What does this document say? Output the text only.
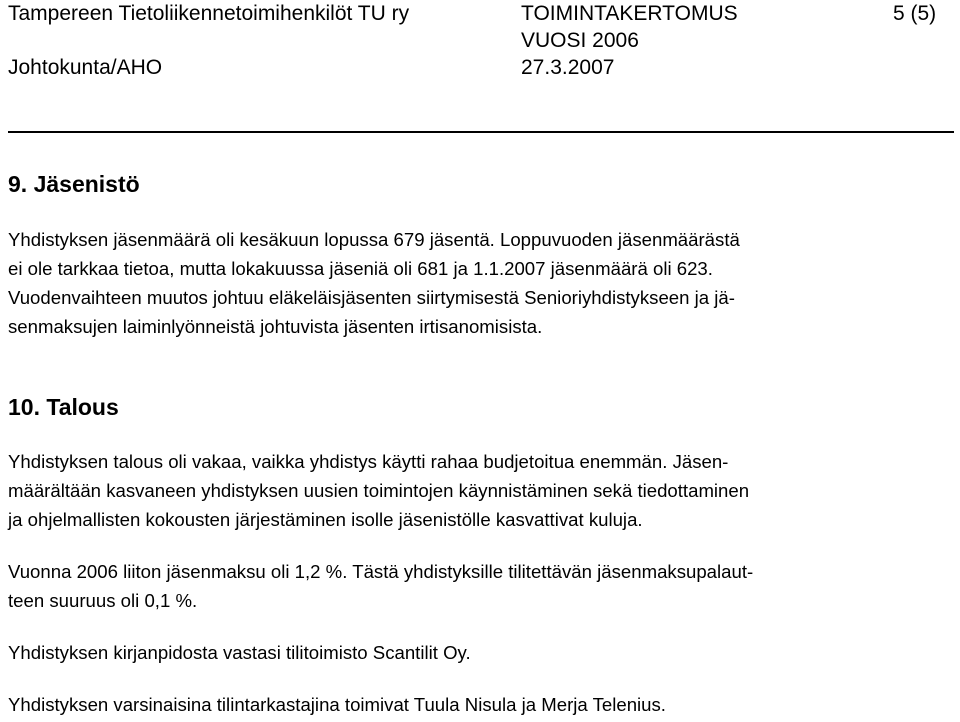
Tampereen Tietoliikennetoimihenkilöt TU ry	TOIMINTAKERTOMUS
VUOSI 2006
5 (5)
Johtokunta/AHO	27.3.2007
9. Jäsenistö
Yhdistyksen jäsenmäärä oli kesäkuun lopussa 679 jäsentä. Loppuvuoden jäsenmäärästä
ei ole tarkkaa tietoa, mutta lokakuussa jäseniä oli 681 ja 1.1.2007 jäsenmäärä oli 623.
Vuodenvaihteen muutos johtuu eläkeläisjäsenten siirtymisestä Senioriyhdistykseen ja jä-
senmaksujen laiminlyönneistä johtuvista jäsenten irtisanomisista.
10. Talous
Yhdistyksen talous oli vakaa, vaikka yhdistys käytti rahaa budjetoitua enemmän. Jäsen-
määrältään kasvaneen yhdistyksen uusien toimintojen käynnistäminen sekä tiedottaminen
ja ohjelmallisten kokousten järjestäminen isolle jäsenistölle kasvattivat kuluja.
Vuonna 2006 liiton jäsenmaksu oli 1,2 %. Tästä yhdistyksille tilitettävän jäsenmaksupalaut-
teen suuruus oli 0,1 %.
Yhdistyksen kirjanpidosta vastasi tilitoimisto Scantilit Oy.
Yhdistyksen varsinaisina tilintarkastajina toimivat Tuula Nisula ja Merja Telenius.
